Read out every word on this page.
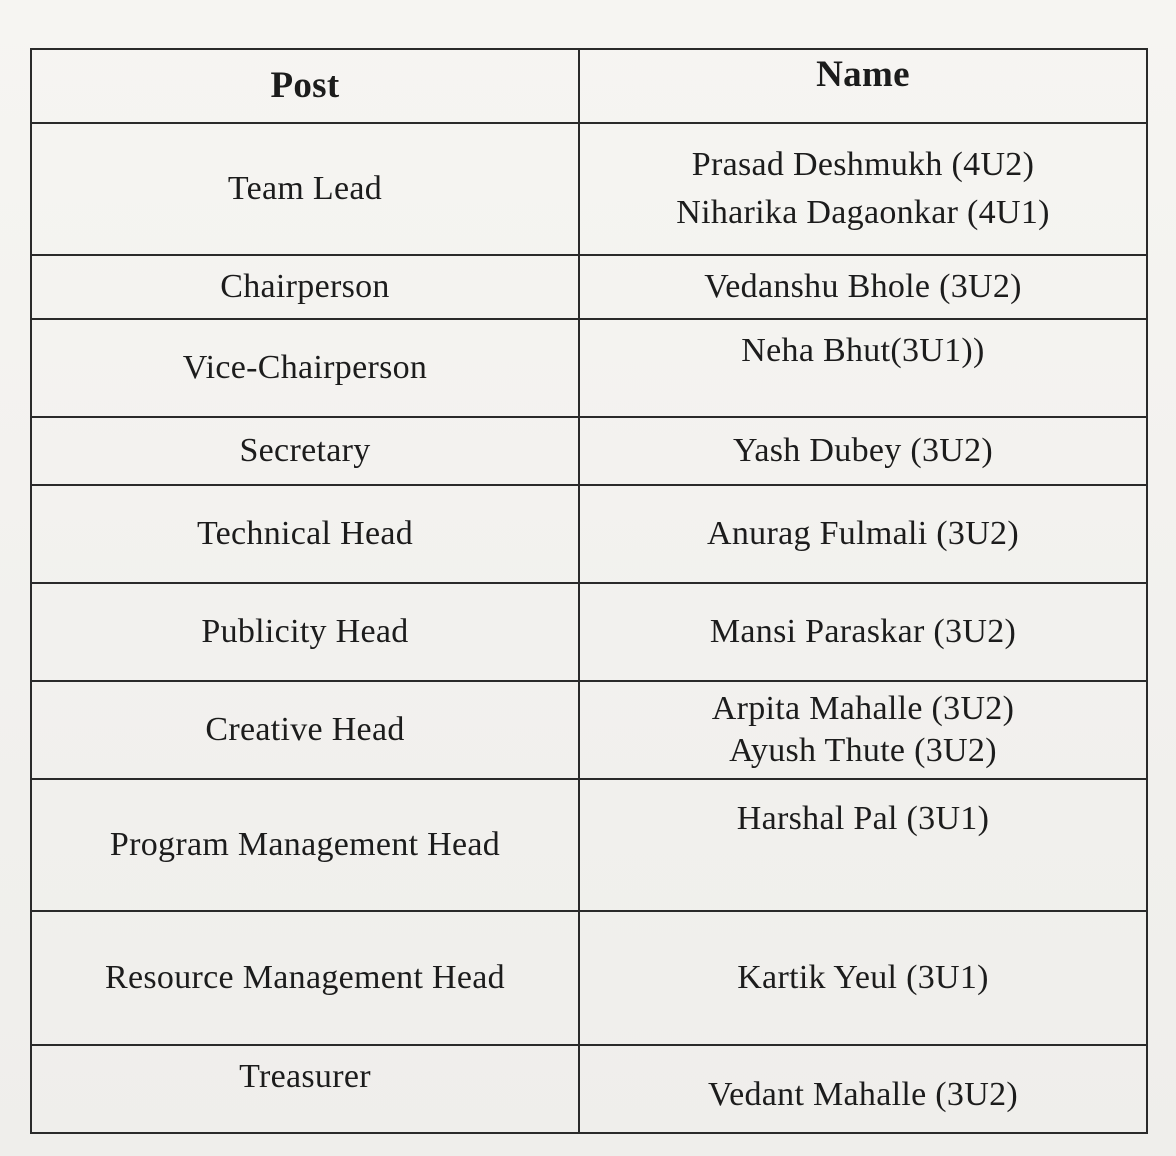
Post	Name
Team Lead	Prasad Deshmukh (4U2)
Niharika Dagaonkar (4U1)

Chairperson	Vedanshu Bhole (3U2)

Vice-Chairperson	Neha Bhut(3U1))

Secretary	Yash Dubey (3U2)

Technical Head	Anurag Fulmali (3U2)

Publicity Head	Mansi Paraskar (3U2)

Creative Head	Arpita Mahalle (3U2)
Ayush Thute (3U2)

Program Management Head	Harshal Pal (3U1)

Resource Management Head	Kartik Yeul (3U1)

Treasurer	Vedant Mahalle (3U2)
